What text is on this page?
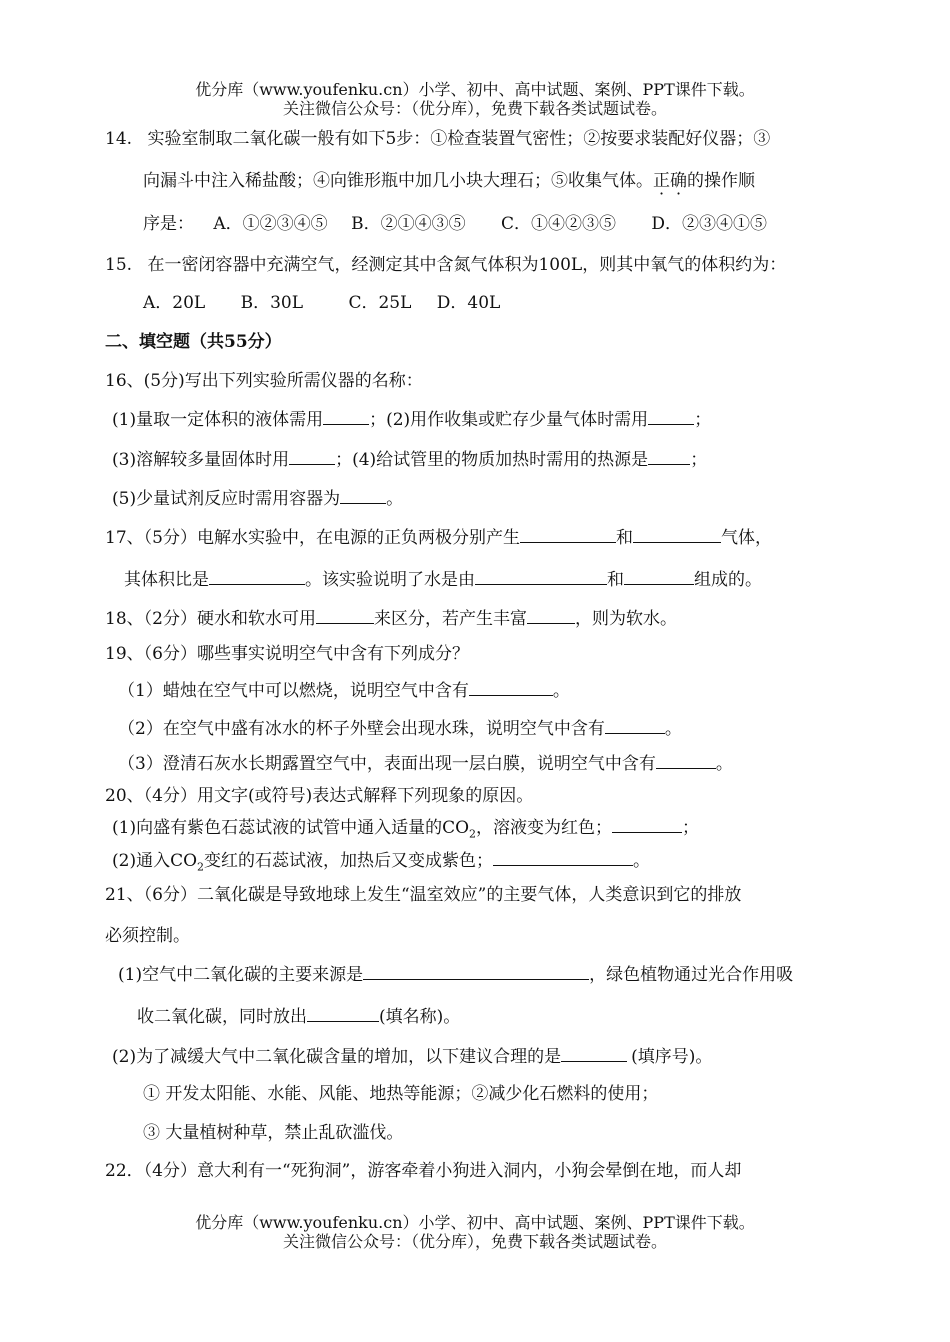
优分库（www.youfenku.cn）小学、初中、高中试题、案例、PPT课件下载。
关注微信公众号：（优分库），免费下载各类试题试卷。
14. 实验室制取二氧化碳一般有如下5步：①检查装置气密性；②按要求装配好仪器；③
向漏斗中注入稀盐酸；④向锥形瓶中加几小块大理石；⑤收集气体。正确的操作顺
序是： A．①②③④⑤ B．②①④③⑤ C．①④②③⑤ D．②③④①⑤
15. 在一密闭容器中充满空气，经测定其中含氮气体积为100L，则其中氧气的体积约为：
A．20L B．30L	C．25L D．40L
二、填空题（共55分）
16、(5分)写出下列实验所需仪器的名称：
(1)量取一定体积的液体需用	；(2)用作收集或贮存少量气体时需用	；
(3)溶解较多量固体时用	；(4)给试管里的物质加热时需用的热源是 ；
(5)少量试剂反应时需用容器为	。
17、（5分）电解水实验中，在电源的正负两极分别产生	和	气体，
其体积比是	。该实验说明了水是由	和	组成的。
18、（2分）硬水和软水可用	来区分，若产生丰富	，则为软水。
19、（6分）哪些事实说明空气中含有下列成分？
（1）蜡烛在空气中可以燃烧，说明空气中含有	。
（2）在空气中盛有冰水的杯子外壁会出现水珠，说明空气中含有	。
（3）澄清石灰水长期露置空气中，表面出现一层白膜，说明空气中含有	。
20、（4分）用文字(或符号)表达式解释下列现象的原因。
(1)向盛有紫色石蕊试液的试管中通入适量的$CO_2$，溶液变为红色；	；
(2)通入$CO_2$变红的石蕊试液，加热后又变成紫色；	。
21、（6分）二氧化碳是导致地球上发生“温室效应”的主要气体，人类意识到它的排放
必须控制。
(1)空气中二氧化碳的主要来源是	，绿色植物通过光合作用吸
收二氧化碳，同时放出	(填名称)。
(2)为了减缓大气中二氧化碳含量的增加，以下建议合理的是	(填序号)。
① 开发太阳能、水能、风能、地热等能源；②减少化石燃料的使用；
③ 大量植树种草，禁止乱砍滥伐。
22．（4分）意大利有一“死狗洞”，游客牵着小狗进入洞内，小狗会晕倒在地，而人却
优分库（www.youfenku.cn）小学、初中、高中试题、案例、PPT课件下载。
关注微信公众号：（优分库），免费下载各类试题试卷。
